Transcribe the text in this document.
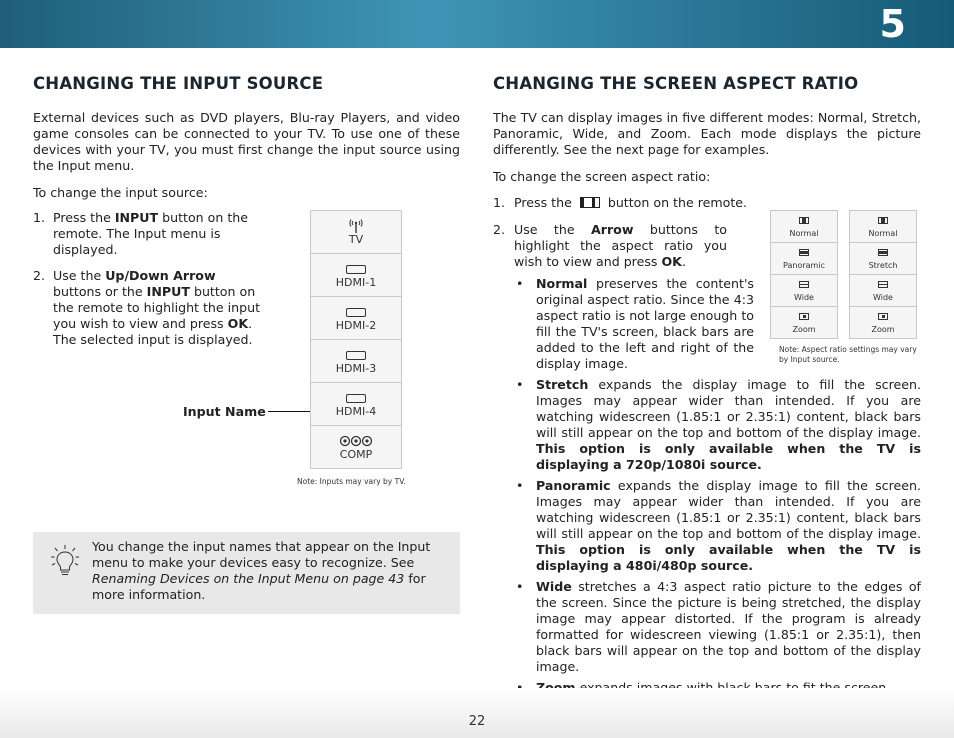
5
CHANGING THE INPUT SOURCE
External devices such as DVD players, Blu-ray Players, and video game consoles can be connected to your TV. To use one of these devices with your TV, you must first change the input source using the Input menu.
To change the input source:
1. Press the INPUT button on the remote. The Input menu is displayed.
2. Use the Up/Down Arrow buttons or the INPUT button on the remote to highlight the input you wish to view and press OK. The selected input is displayed.
Input Name
TV
HDMI-1
HDMI-2
HDMI-3
HDMI-4
COMP
Note: Inputs may vary by TV.
You change the input names that appear on the Input menu to make your devices easy to recognize. See Renaming Devices on the Input Menu on page 43 for more information.
CHANGING THE SCREEN ASPECT RATIO
The TV can display images in five different modes: Normal, Stretch, Panoramic, Wide, and Zoom. Each mode displays the picture differently. See the next page for examples.
To change the screen aspect ratio:
1. Press the	button on the remote.
2. Use the Arrow buttons to highlight the aspect ratio you wish to view and press OK.
• Normal preserves the content's original aspect ratio. Since the 4:3 aspect ratio is not large enough to fill the TV's screen, black bars are added to the left and right of the display image.
• Stretch expands the display image to fill the screen. Images may appear wider than intended. If you are watching widescreen (1.85:1 or 2.35:1) content, black bars will still appear on the top and bottom of the display image. This option is only available when the TV is displaying a 720p/1080i source.
• Panoramic expands the display image to fill the screen. Images may appear wider than intended. If you are watching widescreen (1.85:1 or 2.35:1) content, black bars will still appear on the top and bottom of the display image. This option is only available when the TV is displaying a 480i/480p source.
• Wide stretches a 4:3 aspect ratio picture to the edges of the screen. Since the picture is being stretched, the display image may appear distorted. If the program is already formatted for widescreen viewing (1.85:1 or 2.35:1), then black bars will appear on the top and bottom of the display image.
Normal
Panoramic
Wide
Zoom
Normal
Stretch
Wide
Zoom
Note: Aspect ratio settings may vary by Input source.
22
